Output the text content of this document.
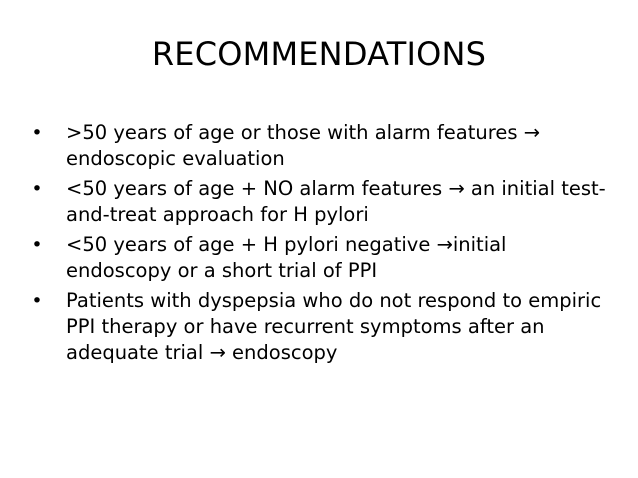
RECOMMENDATIONS
• >50 years of age or those with alarm features → endoscopic evaluation
• <50 years of age + NO alarm features → an initial test-and-treat approach for H pylori
• <50 years of age + H pylori negative →initial endoscopy or a short trial of PPI
• Patients with dyspepsia who do not respond to empiric PPI therapy or have recurrent symptoms after an adequate trial → endoscopy
